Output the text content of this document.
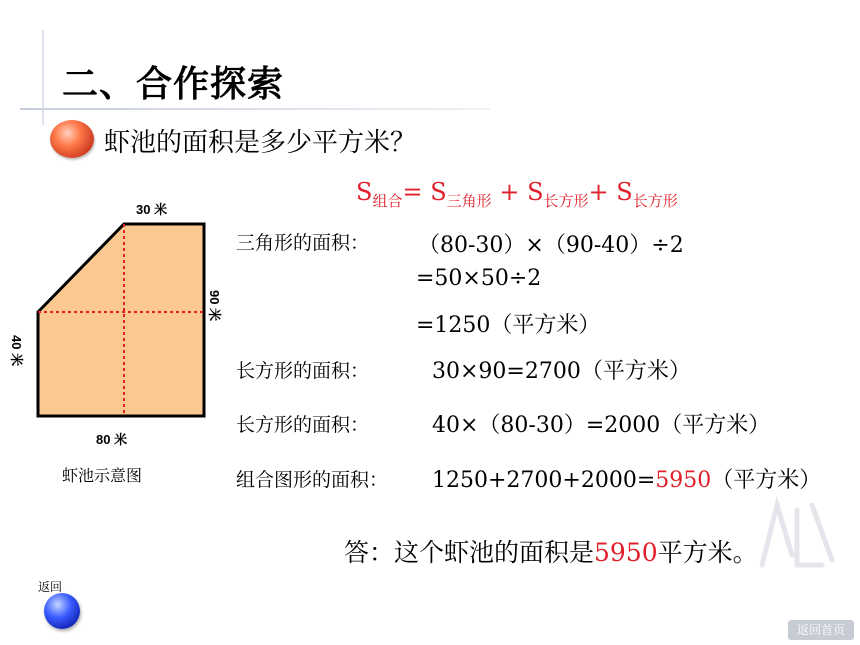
二、合作探索
虾池的面积是多少平方米？
$S_{组合}= S_{三角形} + S_{长方形}+ S_{长方形}$
三角形的面积： （80-30）×（90-40）÷2
=50×50÷2
=1250（平方米）
长方形的面积：	30×90=2700（平方米）
长方形的面积：	40×（80-30）=2000（平方米）
组合图形的面积： 1250+2700+2000=5950（平方米）
答：这个虾池的面积是5950平方米。
30 米
80 米
90 米
40 米
虾池示意图
返回
返回首页
